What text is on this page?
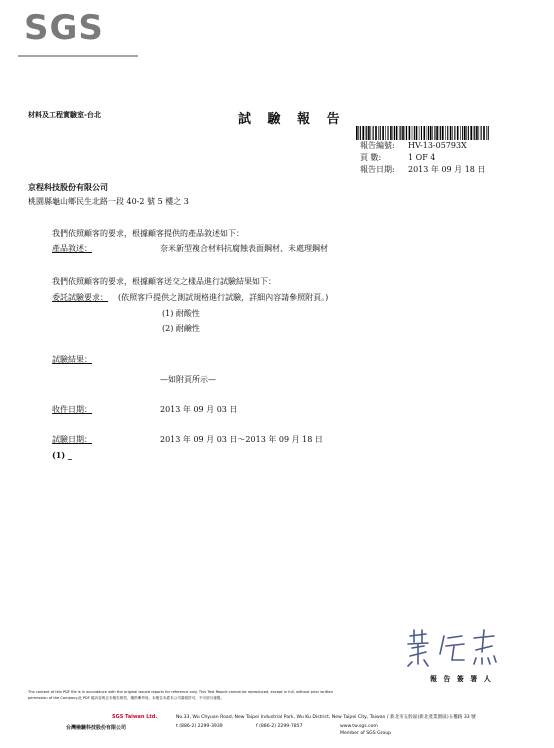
SGS
材料及工程實驗室-台北	試 驗 報 告
報告編號: HV-13-05793X
頁 數:	1 OF 4
報告日期: 2013 年 09 月 18 日
京程科技股份有限公司
桃園縣龜山鄉民生北路一段 40-2 號 5 樓之 3
我們依照顧客的要求，根據顧客提供的產品敘述如下：
產品敘述：	奈米新型複合材料抗腐蝕表面鋼材、未處理鋼材
我們依照顧客的要求，根據顧客送交之樣品進行試驗結果如下：
委託試驗要求： (依照客戶提供之測試規格進行試驗，詳細內容請參照附頁。)
(1) 耐酸性
(2) 耐鹼性
試驗結果：
—如附頁所示—
收件日期：	2013 年 09 月 03 日
試驗日期：	2013 年 09 月 03 日～2013 年 09 月 18 日
(1) _
報 告 簽 署 人
The content of this PDF file is in accordance with the original issued reports for reference only. This Test Report cannot be reproduced, except in full, without prior written
permission of the Company.此 PDF 檔內容與正本報告相符，僅供參考用。本報告未經本公司書面許可，不可部分複製。
SGS Taiwan Ltd.
台灣檢驗科技股份有限公司
No.33, Wu Chyuan Road, New Taipei Industrial Park, Wu Ku District, New Taipei City, Taiwan / 新北市五股區(新北產業園區)五權路 33 號
t (886-2) 2299-3939	f (886-2) 2299-7857	www.tw.sgs.com
Member of SGS Group
